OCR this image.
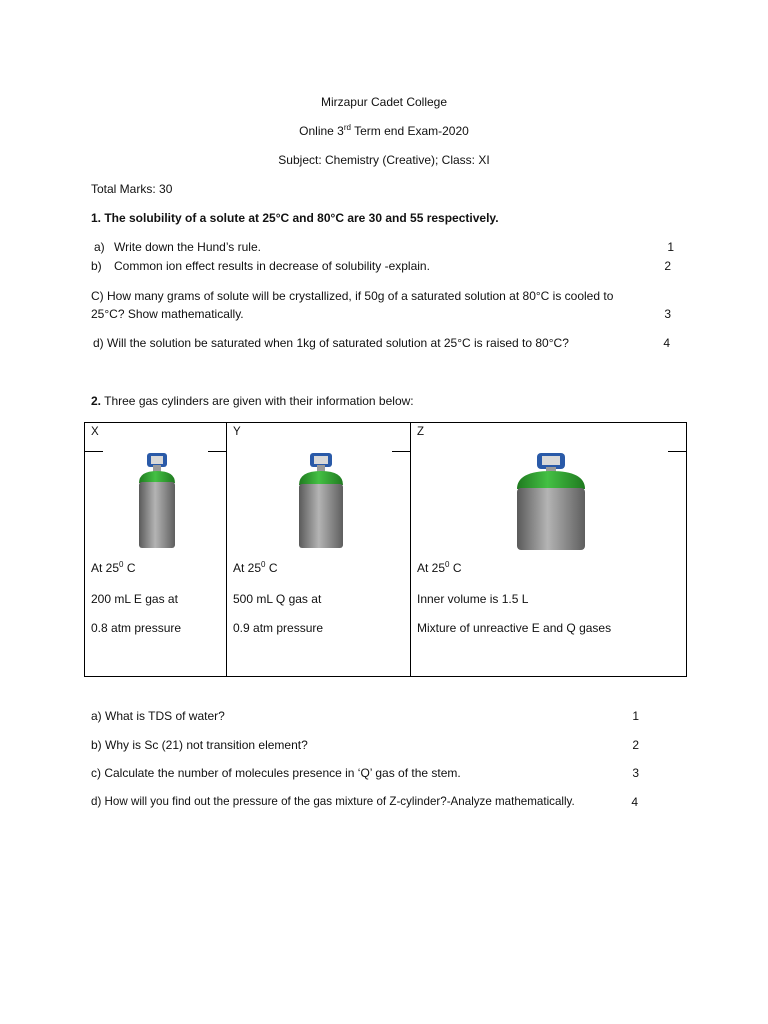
Mirzapur Cadet College
Online 3rd Term end Exam-2020
Subject: Chemistry (Creative); Class: XI
Total Marks: 30
1. The solubility of a solute at 25°C and 80°C are 30 and 55 respectively.
a) Write down the Hund’s rule.	1
b) Common ion effect results in decrease of solubility -explain.	2
C) How many grams of solute will be crystallized, if 50g of a saturated solution at 80°C is cooled to
25°C? Show mathematically.	3
d) Will the solution be saturated when 1kg of saturated solution at 25°C is raised to 80°C?	4
2. Three gas cylinders are given with their information below:
X
At $25^0$ C
200 mL E gas at
0.8 atm pressure

Y
At $25^0$ C
500 mL Q gas at
0.9 atm pressure

Z
At $25^0$ C
Inner volume is 1.5 L
Mixture of unreactive E and Q gases
a) What is TDS of water?	1
b) Why is Sc (21) not transition element?	2
c) Calculate the number of molecules presence in ‘Q’ gas of the stem.	3
d) How will you find out the pressure of the gas mixture of Z-cylinder?-Analyze mathematically.	4
